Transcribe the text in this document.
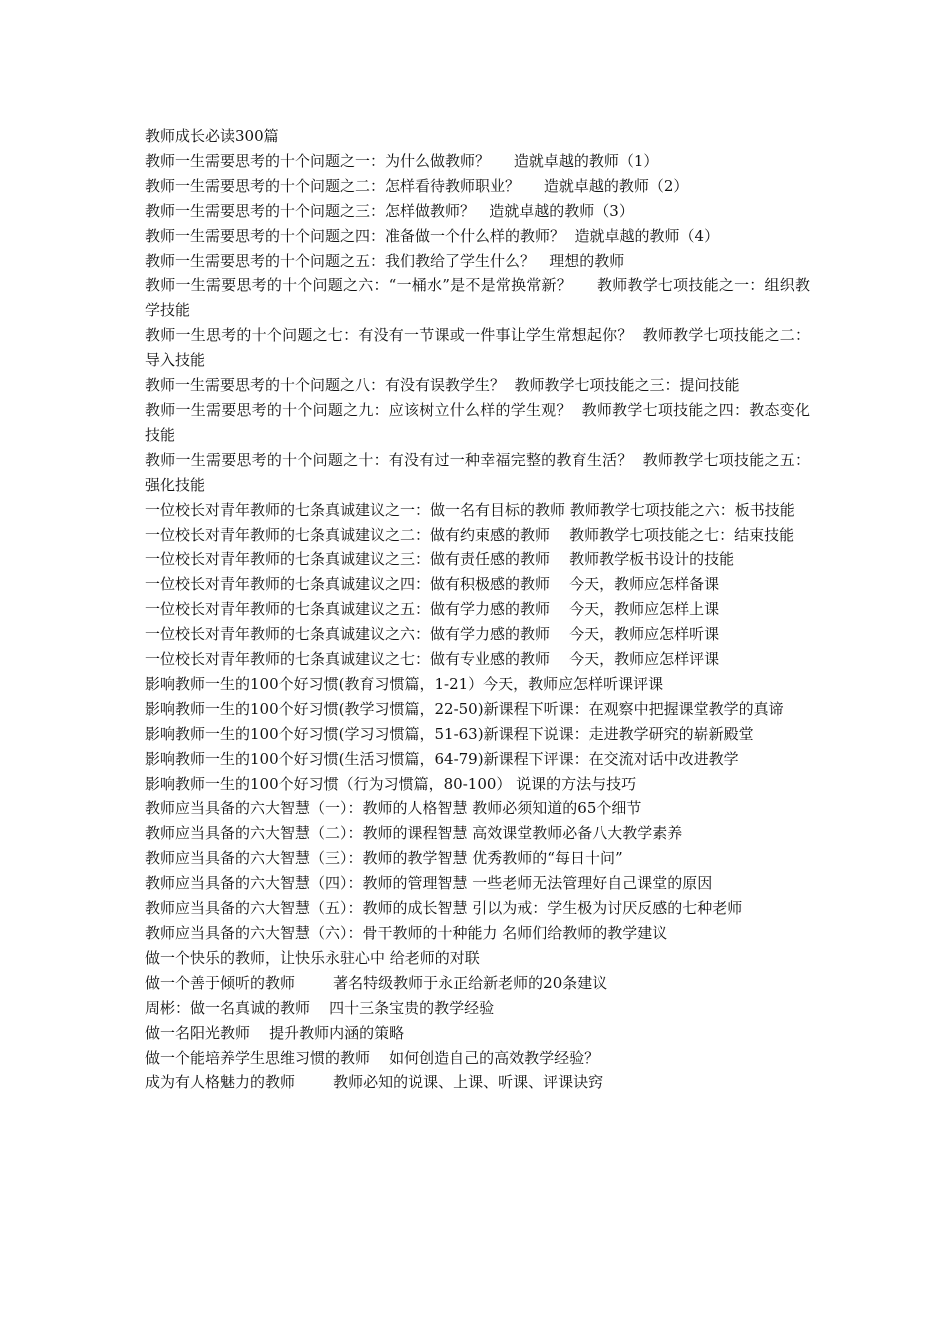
教师成长必读300篇

教师一生需要思考的十个问题之一：为什么做教师？     造就卓越的教师（1）

教师一生需要思考的十个问题之二：怎样看待教师职业？     造就卓越的教师（2）

教师一生需要思考的十个问题之三：怎样做教师？   造就卓越的教师（3）

教师一生需要思考的十个问题之四：准备做一个什么样的教师？  造就卓越的教师（4）

教师一生需要思考的十个问题之五：我们教给了学生什么？   理想的教师

教师一生需要思考的十个问题之六：“一桶水”是不是常换常新？     教师教学七项技能之一：组织教学技能

教师一生思考的十个问题之七：有没有一节课或一件事让学生常想起你？  教师教学七项技能之二：导入技能

教师一生需要思考的十个问题之八：有没有误教学生？  教师教学七项技能之三：提问技能

教师一生需要思考的十个问题之九：应该树立什么样的学生观？  教师教学七项技能之四：教态变化技能

教师一生需要思考的十个问题之十：有没有过一种幸福完整的教育生活？  教师教学七项技能之五：强化技能

一位校长对青年教师的七条真诚建议之一：做一名有目标的教师 教师教学七项技能之六：板书技能

一位校长对青年教师的七条真诚建议之二：做有约束感的教师    教师教学七项技能之七：结束技能

一位校长对青年教师的七条真诚建议之三：做有责任感的教师    教师教学板书设计的技能

一位校长对青年教师的七条真诚建议之四：做有积极感的教师    今天，教师应怎样备课

一位校长对青年教师的七条真诚建议之五：做有学力感的教师    今天，教师应怎样上课

一位校长对青年教师的七条真诚建议之六：做有学力感的教师    今天，教师应怎样听课

一位校长对青年教师的七条真诚建议之七：做有专业感的教师    今天，教师应怎样评课

影响教师一生的100个好习惯(教育习惯篇，1-21）今天，教师应怎样听课评课

影响教师一生的100个好习惯(教学习惯篇，22-50)新课程下听课：在观察中把握课堂教学的真谛

影响教师一生的100个好习惯(学习习惯篇，51-63)新课程下说课：走进教学研究的崭新殿堂

影响教师一生的100个好习惯(生活习惯篇，64-79)新课程下评课：在交流对话中改进教学

影响教师一生的100个好习惯（行为习惯篇，80-100） 说课的方法与技巧

教师应当具备的六大智慧（一）：教师的人格智慧 教师必须知道的65个细节

教师应当具备的六大智慧（二）：教师的课程智慧 高效课堂教师必备八大教学素养

教师应当具备的六大智慧（三）：教师的教学智慧 优秀教师的“每日十问”

教师应当具备的六大智慧（四）：教师的管理智慧 一些老师无法管理好自己课堂的原因

教师应当具备的六大智慧（五）：教师的成长智慧 引以为戒：学生极为讨厌反感的七种老师

教师应当具备的六大智慧（六）：骨干教师的十种能力 名师们给教师的教学建议

做一个快乐的教师，让快乐永驻心中 给老师的对联

做一个善于倾听的教师        著名特级教师于永正给新老师的20条建议

周彬：做一名真诚的教师    四十三条宝贵的教学经验

做一名阳光教师    提升教师内涵的策略

做一个能培养学生思维习惯的教师    如何创造自己的高效教学经验？

成为有人格魅力的教师        教师必知的说课、上课、听课、评课诀窍
